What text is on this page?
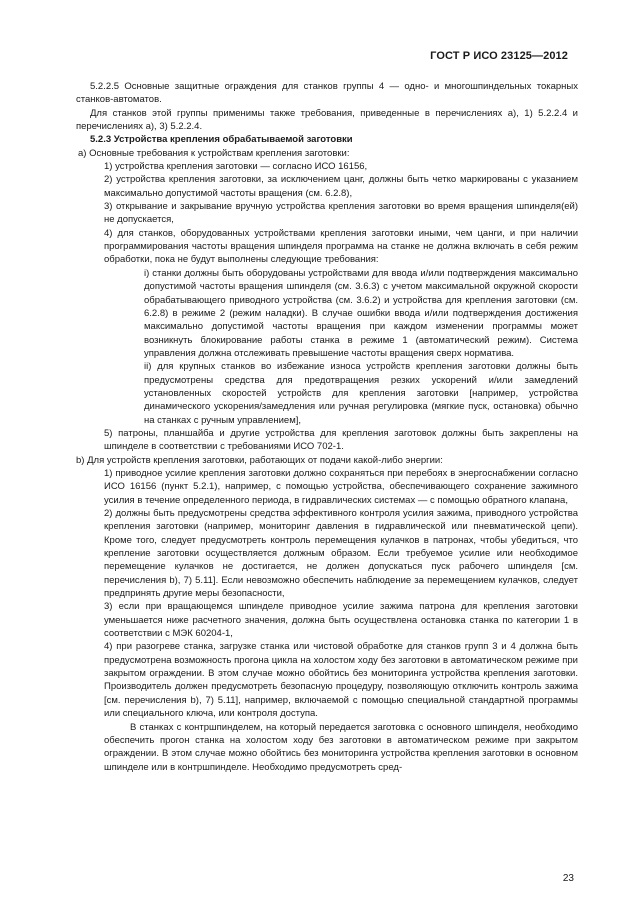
ГОСТ Р ИСО 23125—2012

5.2.2.5 Основные защитные ограждения для станков группы 4 — одно- и многошпиндельных токарных станков-автоматов.

Для станков этой группы применимы также требования, приведенные в перечислениях а), 1) 5.2.2.4 и перечислениях а), 3) 5.2.2.4.

5.2.3 Устройства крепления обрабатываемой заготовки

a) Основные требования к устройствам крепления заготовки:

1) устройства крепления заготовки — согласно ИСО 16156,

2) устройства крепления заготовки, за исключением цанг, должны быть четко маркированы с указанием максимально допустимой частоты вращения (см. 6.2.8),

3) открывание и закрывание вручную устройства крепления заготовки во время вращения шпинделя(ей) не допускается,

4) для станков, оборудованных устройствами крепления заготовки иными, чем цанги, и при наличии программирования частоты вращения шпинделя программа на станке не должна включать в себя режим обработки, пока не будут выполнены следующие требования:

i) станки должны быть оборудованы устройствами для ввода и/или подтверждения максимально допустимой частоты вращения шпинделя (см. 3.6.3) с учетом максимальной окружной скорости обрабатывающего приводного устройства (см. 3.6.2) и устройства для крепления заготовки (см. 6.2.8) в режиме 2 (режим наладки). В случае ошибки ввода и/или подтверждения достижения максимально допустимой частоты вращения при каждом изменении программы может возникнуть блокирование работы станка в режиме 1 (автоматический режим). Система управления должна отслеживать превышение частоты вращения сверх норматива.

ii) для крупных станков во избежание износа устройств крепления заготовки должны быть предусмотрены средства для предотвращения резких ускорений и/или замедлений установленных скоростей устройств для крепления заготовки [например, устройства динамического ускорения/замедления или ручная регулировка (мягкие пуск, остановка) обычно на станках с ручным управлением],

5) патроны, планшайба и другие устройства для крепления заготовок должны быть закреплены на шпинделе в соответствии с требованиями ИСО 702-1.

b) Для устройств крепления заготовки, работающих от подачи какой-либо энергии:

1) приводное усилие крепления заготовки должно сохраняться при перебоях в энергоснабжении согласно ИСО 16156 (пункт 5.2.1), например, с помощью устройства, обеспечивающего сохранение зажимного усилия в течение определенного периода, в гидравлических системах — с помощью обратного клапана,

2) должны быть предусмотрены средства эффективного контроля усилия зажима, приводного устройства крепления заготовки (например, мониторинг давления в гидравлической или пневматической цепи). Кроме того, следует предусмотреть контроль перемещения кулачков в патронах, чтобы убедиться, что крепление заготовки осуществляется должным образом. Если требуемое усилие или необходимое перемещение кулачков не достигается, не должен допускаться пуск рабочего шпинделя [см. перечисления b), 7) 5.11]. Если невозможно обеспечить наблюдение за перемещением кулачков, следует предпринять другие меры безопасности,

3) если при вращающемся шпинделе приводное усилие зажима патрона для крепления заготовки уменьшается ниже расчетного значения, должна быть осуществлена остановка станка по категории 1 в соответствии с МЭК 60204-1,

4) при разогреве станка, загрузке станка или чистовой обработке для станков групп 3 и 4 должна быть предусмотрена возможность прогона цикла на холостом ходу без заготовки в автоматическом режиме при закрытом ограждении. В этом случае можно обойтись без мониторинга устройства крепления заготовки. Производитель должен предусмотреть безопасную процедуру, позволяющую отключить контроль зажима [см. перечисления b), 7) 5.11], например, включаемой с помощью специальной стандартной программы или специального ключа, или контроля доступа.

В станках с контршпинделем, на который передается заготовка с основного шпинделя, необходимо обеспечить прогон станка на холостом ходу без заготовки в автоматическом режиме при закрытом ограждении. В этом случае можно обойтись без мониторинга устройства крепления заготовки в основном шпинделе или в контршпинделе. Необходимо предусмотреть сред-

23
